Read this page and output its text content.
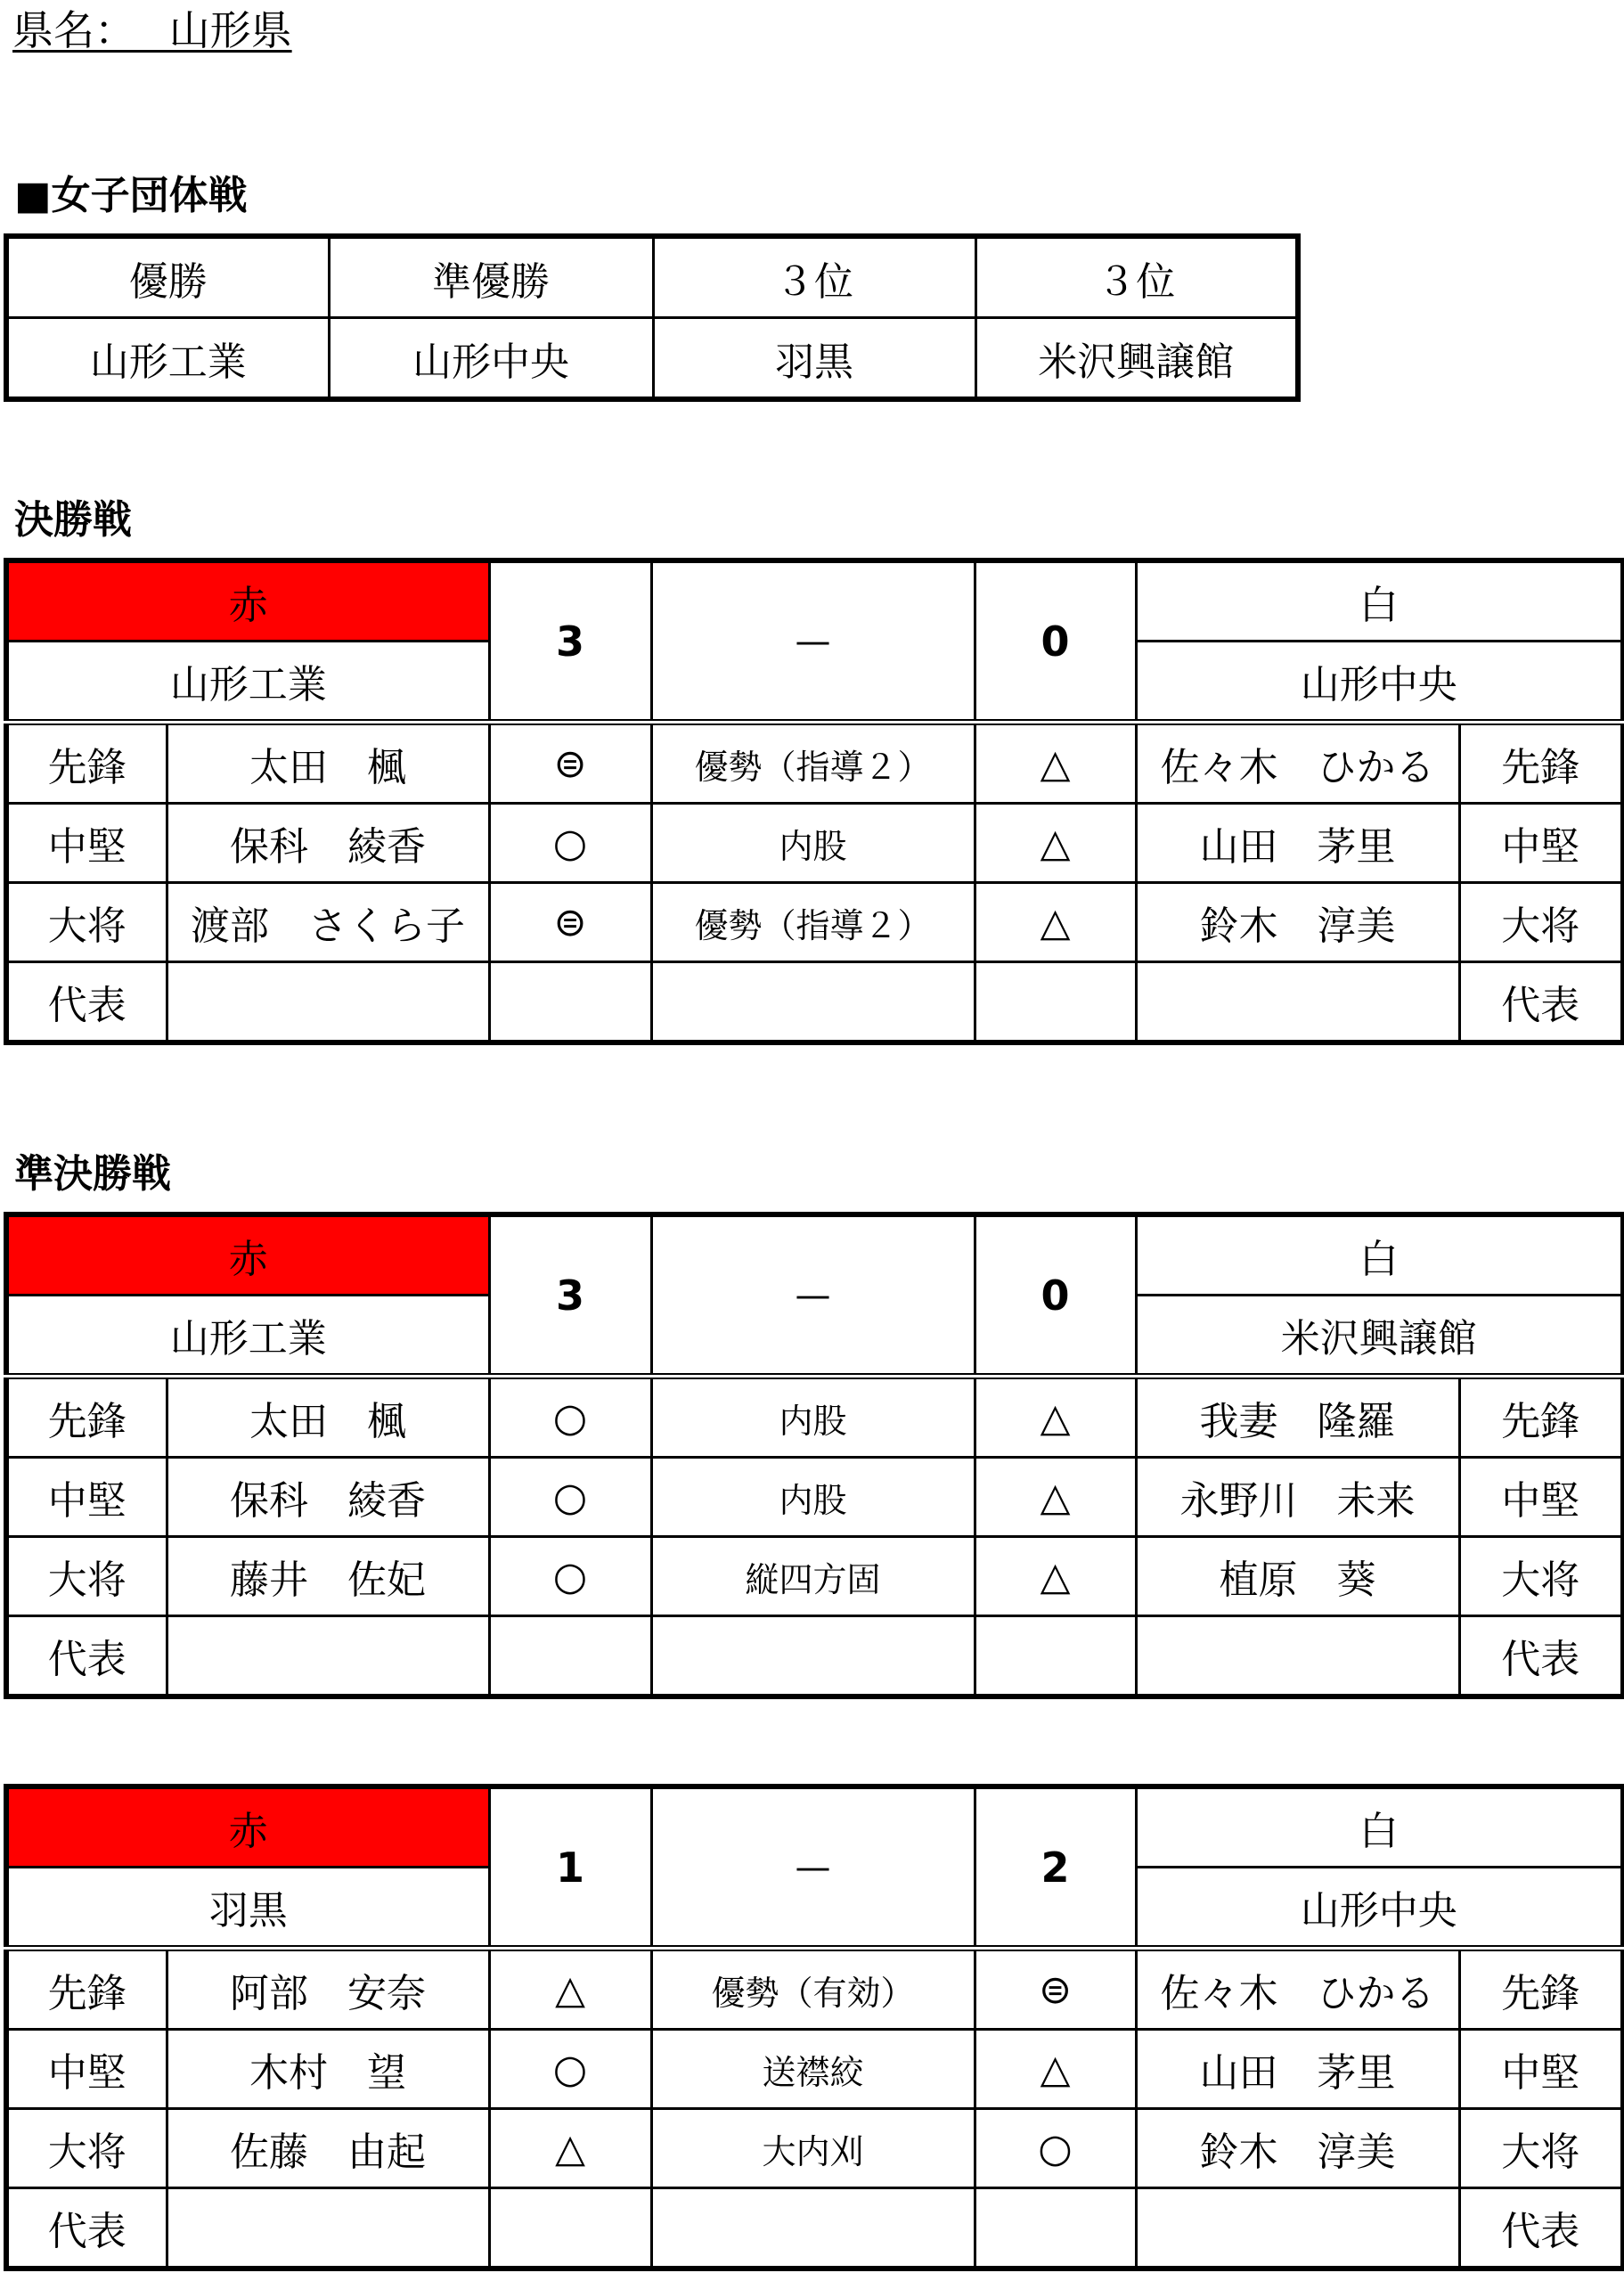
県名：　 山形県
■女子団体戦
優勝	準優勝	３位	３位
山形工業	山形中央	羽黒	米沢興譲館
決勝戦
赤		3	—	0	白	
山形工業					山形中央	
先鋒	太田　楓	⊜	優勢（指導２）	△	佐々木　ひかる	先鋒
中堅	保科　綾香	○	内股	△	山田　茅里	中堅
大将	渡部　さくら子	⊜	優勢（指導２）	△	鈴木　淳美	大将
代表						代表
準決勝戦
赤		3	—	0	白	
山形工業					米沢興譲館	
先鋒	太田　楓	○	内股	△	我妻　隆羅	先鋒
中堅	保科　綾香	○	内股	△	永野川　未来	中堅
大将	藤井　佐妃	○	縦四方固	△	植原　葵	大将
代表						代表
赤		1	—	2	白	
羽黒					山形中央	
先鋒	阿部　安奈	△	優勢（有効）	⊜	佐々木　ひかる	先鋒
中堅	木村　望	○	送襟絞	△	山田　茅里	中堅
大将	佐藤　由起	△	大内刈	○	鈴木　淳美	大将
代表						代表
